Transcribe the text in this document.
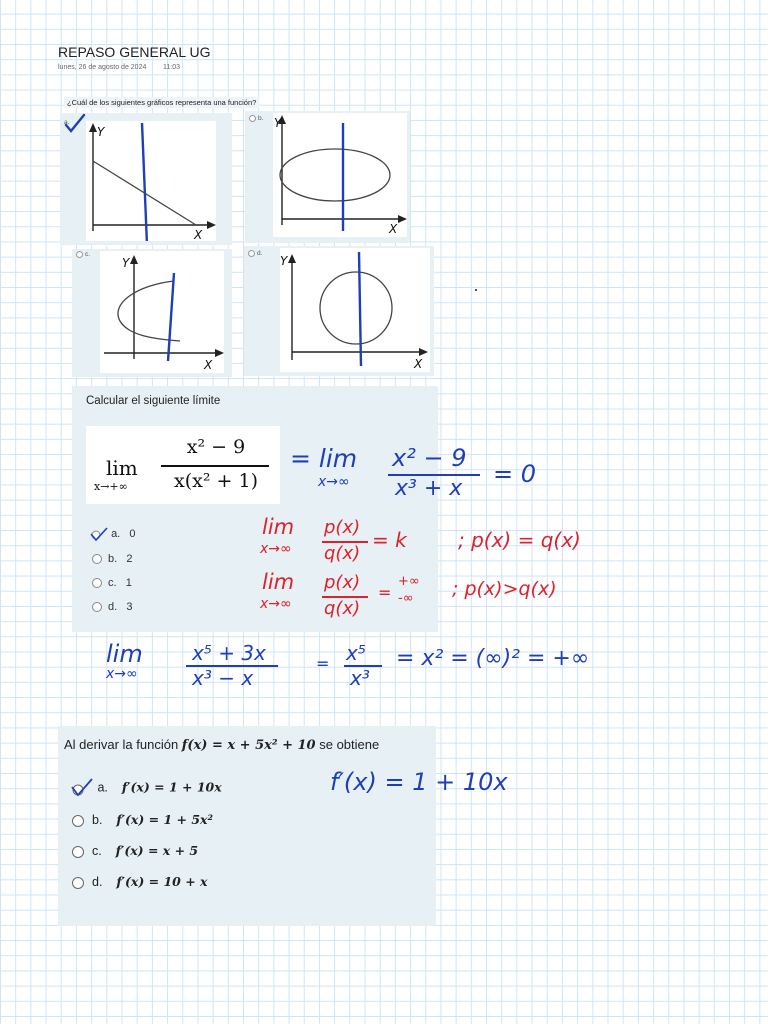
REPASO GENERAL UG
lunes, 26 de agosto de 2024 11:03
¿Cuál de los siguientes gráficos representa una función?
a.
Y
X
b. Y
X
c.
Y
X
d.
Y
X
Calcular el siguiente límite
lim
x→+∞
x² − 9
x(x² + 1)
a. 0
b. 2
c. 1
d. 3
= lim
x→∞
x² − 9
x³ + x
= 0
lim
x→∞
p(x)
q(x)
= k	; p(x) = q(x)
lim
x→∞
p(x)
q(x)
=
+∞
-∞ ; p(x)>q(x)
lim
x→∞
x⁵ + 3x
x³ − x
= x⁵
x³
= x² = (∞)² = +∞
Al derivar la función f(x) = x + 5x² + 10 se obtiene
a. f′(x) = 1 + 10x
b. f′(x) = 1 + 5x²
c. f′(x) = x + 5
d. f′(x) = 10 + x
f′(x) = 1 + 10x
